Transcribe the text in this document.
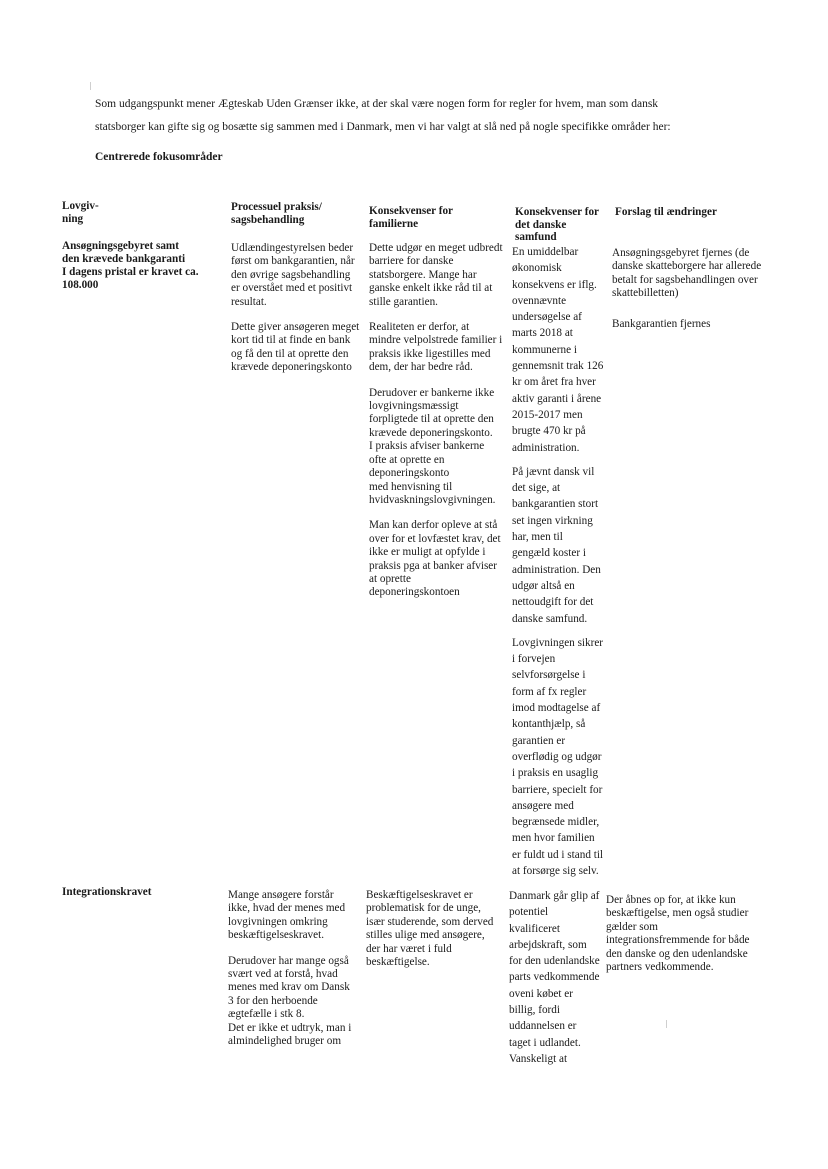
Som udgangspunkt mener Ægteskab Uden Grænser ikke, at der skal være nogen form for regler for hvem, man som dansk
statsborger kan gifte sig og bosætte sig sammen med i Danmark, men vi har valgt at slå ned på nogle specifikke områder her:
Centrerede fokusområder
Lovgiv-
ning
Processuel praksis/
sagsbehandling
Konsekvenser for
familierne
Konsekvenser for
det danske
samfund
Forslag til ændringer
Ansøgningsgebyret samt
den krævede bankgaranti
I dagens pristal er kravet ca.
108.000

Udlændingestyrelsen beder
først om bankgarantien, når
den øvrige sagsbehandling
er overstået med et positivt
resultat.

Dette giver ansøgeren meget
kort tid til at finde en bank
og få den til at oprette den
krævede deponeringskonto

Dette udgør en meget udbredt
barriere for danske
statsborgere. Mange har
ganske enkelt ikke råd til at
stille garantien.

Realiteten er derfor, at
mindre velpolstrede familier i
praksis ikke ligestilles med
dem, der har bedre råd.

Derudover er bankerne ikke
lovgivningsmæssigt
forpligtede til at oprette den
krævede deponeringskonto.
I praksis afviser bankerne
ofte at oprette en
deponeringskonto
med henvisning til
hvidvaskningslovgivningen.

Man kan derfor opleve at stå
over for et lovfæstet krav, det
ikke er muligt at opfylde i
praksis pga at banker afviser
at oprette
deponeringskontoen

En umiddelbar
økonomisk
konsekvens er iflg.
ovennævnte
undersøgelse af
marts 2018 at
kommunerne i
gennemsnit trak 126
kr om året fra hver
aktiv garanti i årene
2015-2017 men
brugte 470 kr på
administration.

På jævnt dansk vil
det sige, at
bankgarantien stort
set ingen virkning
har, men til
gengæld koster i
administration. Den
udgør altså en
nettoudgift for det
danske samfund.

Lovgivningen sikrer
i forvejen
selvforsørgelse i
form af fx regler
imod modtagelse af
kontanthjælp, så
garantien er
overflødig og udgør
i praksis en usaglig
barriere, specielt for
ansøgere med
begrænsede midler,
men hvor familien
er fuldt ud i stand til
at forsørge sig selv.

Ansøgningsgebyret fjernes (de
danske skatteborgere har allerede
betalt for sagsbehandlingen over
skattebilletten)

Bankgarantien fjernes

Integrationskravet	Mange ansøgere forstår
ikke, hvad der menes med
lovgivningen omkring
beskæftigelseskravet.

Derudover har mange også
svært ved at forstå, hvad
menes med krav om Dansk
3 for den herboende
ægtefælle i stk 8.
Det er ikke et udtryk, man i
almindelighed bruger om

Beskæftigelseskravet er
problematisk for de unge,
især studerende, som derved
stilles ulige med ansøgere,
der har været i fuld
beskæftigelse.

Danmark går glip af
potentiel
kvalificeret
arbejdskraft, som
for den udenlandske
parts vedkommende
oveni købet er
billig, fordi
uddannelsen er
taget i udlandet.
Vanskeligt at

Der åbnes op for, at ikke kun
beskæftigelse, men også studier
gælder som
integrationsfremmende for både
den danske og den udenlandske
partners vedkommende.
